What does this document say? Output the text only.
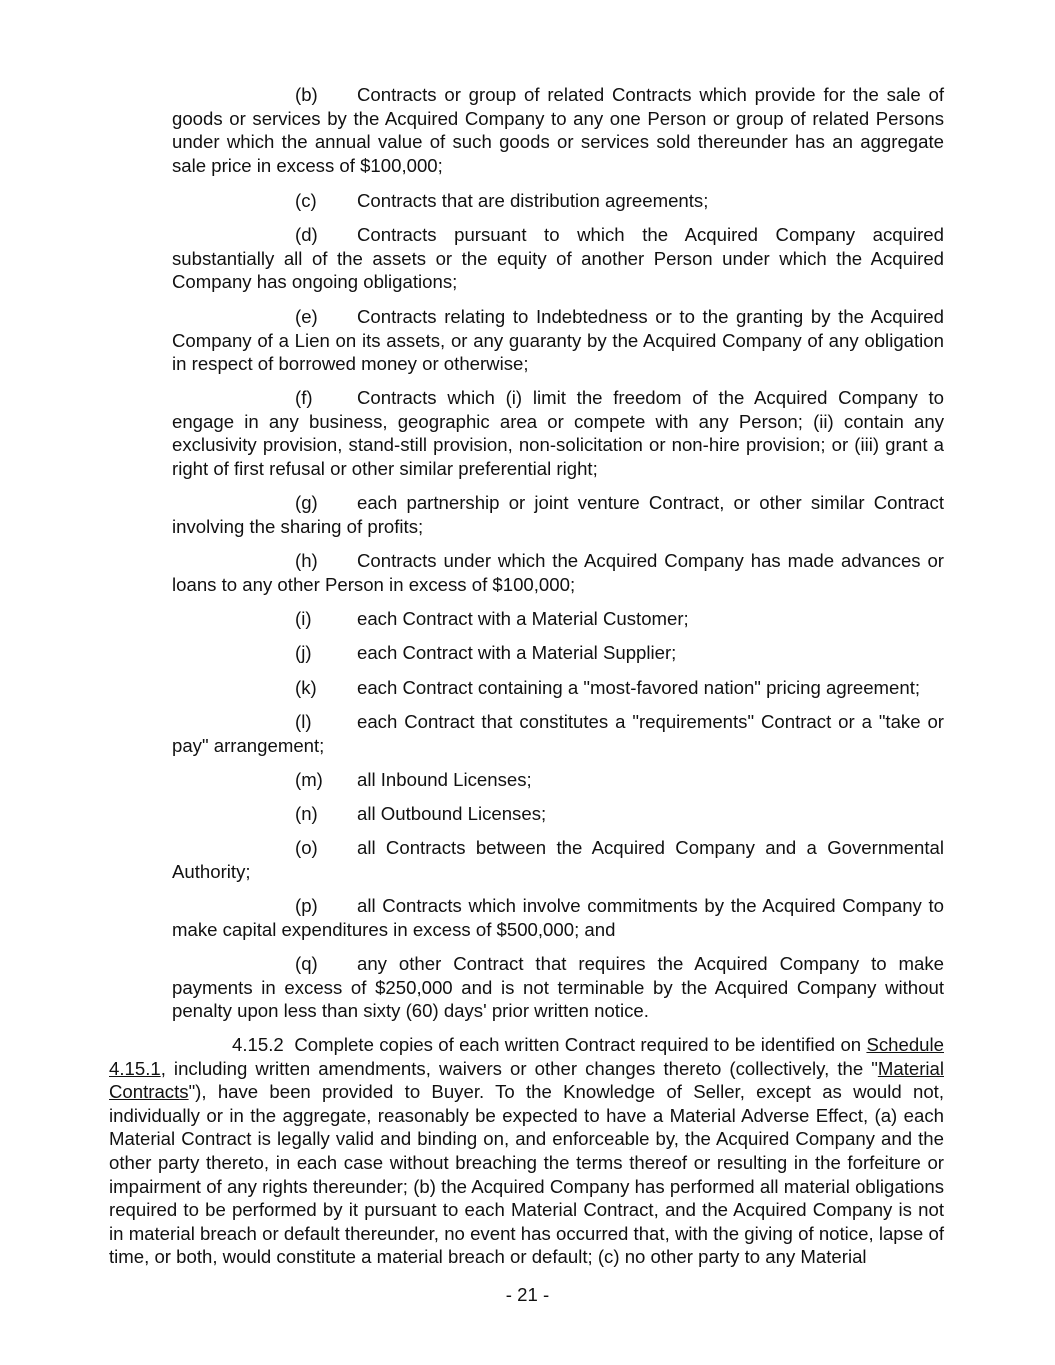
(b) Contracts or group of related Contracts which provide for the sale of goods or services by the Acquired Company to any one Person or group of related Persons under which the annual value of such goods or services sold thereunder has an aggregate sale price in excess of $100,000;

(c) Contracts that are distribution agreements;

(d) Contracts pursuant to which the Acquired Company acquired substantially all of the assets or the equity of another Person under which the Acquired Company has ongoing obligations;

(e) Contracts relating to Indebtedness or to the granting by the Acquired Company of a Lien on its assets, or any guaranty by the Acquired Company of any obligation in respect of borrowed money or otherwise;

(f) Contracts which (i) limit the freedom of the Acquired Company to engage in any business, geographic area or compete with any Person; (ii) contain any exclusivity provision, stand-still provision, non-solicitation or non-hire provision; or (iii) grant a right of first refusal or other similar preferential right;

(g) each partnership or joint venture Contract, or other similar Contract involving the sharing of profits;

(h) Contracts under which the Acquired Company has made advances or loans to any other Person in excess of $100,000;

(i) each Contract with a Material Customer;

(j) each Contract with a Material Supplier;

(k) each Contract containing a "most-favored nation" pricing agreement;

(l) each Contract that constitutes a "requirements" Contract or a "take or pay" arrangement;

(m) all Inbound Licenses;

(n) all Outbound Licenses;

(o) all Contracts between the Acquired Company and a Governmental Authority;

(p) all Contracts which involve commitments by the Acquired Company to make capital expenditures in excess of $500,000; and

(q) any other Contract that requires the Acquired Company to make payments in excess of $250,000 and is not terminable by the Acquired Company without penalty upon less than sixty (60) days' prior written notice.

4.15.2 Complete copies of each written Contract required to be identified on Schedule 4.15.1, including written amendments, waivers or other changes thereto (collectively, the "Material Contracts"), have been provided to Buyer. To the Knowledge of Seller, except as would not, individually or in the aggregate, reasonably be expected to have a Material Adverse Effect, (a) each Material Contract is legally valid and binding on, and enforceable by, the Acquired Company and the other party thereto, in each case without breaching the terms thereof or resulting in the forfeiture or impairment of any rights thereunder; (b) the Acquired Company has performed all material obligations required to be performed by it pursuant to each Material Contract, and the Acquired Company is not in material breach or default thereunder, no event has occurred that, with the giving of notice, lapse of time, or both, would constitute a material breach or default; (c) no other party to any Material

- 21 -
